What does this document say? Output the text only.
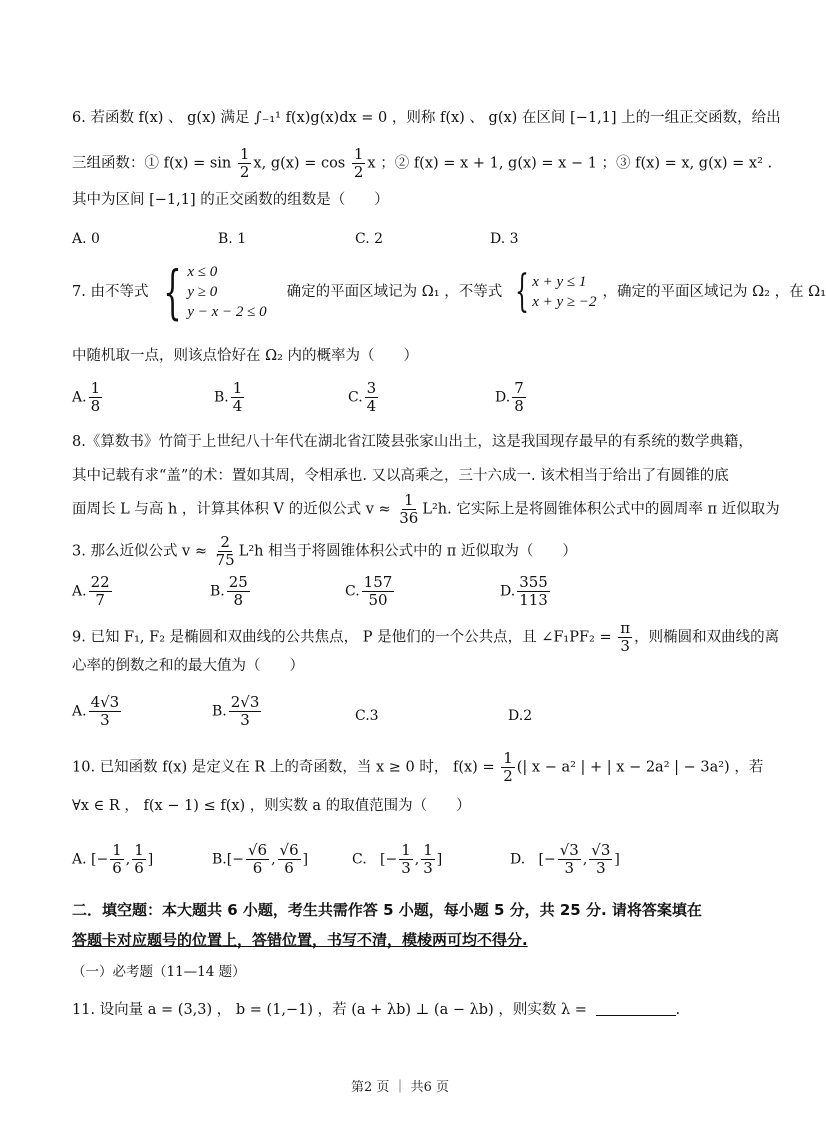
6. 若函数 f(x) 、 g(x) 满足 ∫₋₁¹ f(x)g(x)dx = 0 ，则称 f(x) 、 g(x) 在区间 [−1,1] 上的一组正交函数，给出
三组函数：① $f(x) = \sin \frac{1}{2} x$, $g(x) = \cos \frac{1}{2}$ x ；② f(x) = x + 1, g(x) = x − 1 ；③ f(x) = x, g(x) = x² .
其中为区间 [−1,1] 的正交函数的组数是（　　）
A. 0	B. 1	C. 2	D. 3
7. 由不等式 { x ≤ 0
y ≥ 0
y − x − 2 ≤ 0
确定的平面区域记为 Ω₁ ，不等式 { x + y ≤ 1
x + y ≥ −2
，确定的平面区域记为 Ω₂ ，在 Ω₁
中随机取一点，则该点恰好在 Ω₂ 内的概率为（　　）
A. $\frac{1}{8}$	B. $\frac{1}{4}$	C. $\frac{3}{4}$	D. $\frac{7}{8}$
8.《算数书》竹简于上世纪八十年代在湖北省江陵县张家山出土，这是我国现存最早的有系统的数学典籍，
其中记载有求“盖”的术：置如其周，令相承也. 又以高乘之，三十六成一. 该术相当于给出了有圆锥的底
面周长 L 与高 h ，计算其体积 V 的近似公式 $v \approx \frac{1}{36} L^2h$. 它实际上是将圆锥体积公式中的圆周率 π 近似取为
3. 那么近似公式 $v \approx \frac{2}{75} L^2h$ 相当于将圆锥体积公式中的 π 近似取为（　　）
A. $\frac{22}{7}$	B. $\frac{25}{8}$	C. $\frac{157}{50}$	D. $\frac{355}{113}$
9. 已知 F₁, F₂ 是椭圆和双曲线的公共焦点， P 是他们的一个公共点，且 ∠F₁PF₂ = $\frac{\pi}{3}$ ，则椭圆和双曲线的离
心率的倒数之和的最大值为（　　）
A. $\frac{4√3}{3}$	B. $\frac{2√3}{3}$	C.3	D.2
10. 已知函数 f(x) 是定义在 R 上的奇函数，当 x ≥ 0 时， $f(x) = \frac{1}{2}$ (| x − a² | + | x − 2a² | − 3a²) ，若
∀x ∈ R ， f(x − 1) ≤ f(x) ，则实数 a 的取值范围为（　　）
A. [− $\frac{1}{6}$ , $\frac{1}{6}$ ]	$B.[- \frac{√6}{6}$ , $\frac{√6}{6}$ ]	C.   [− $\frac{1}{3}$ , $\frac{1}{3}$ ]	D.   [− $\frac{√3}{3}$ , $\frac{√3}{3}$ ]
二．填空题：本大题共 6 小题，考生共需作答 5 小题，每小题 5 分，共 25 分. 请将答案填在
答题卡对应题号的位置上，答错位置，书写不清，模棱两可均不得分.
（一）必考题（11—14 题）
11. 设向量 a = (3,3) ， b = (1,−1) ，若 (a + λb) ⊥ (a − λb) ，则实数 λ =	.
第2 页 ｜ 共6 页
